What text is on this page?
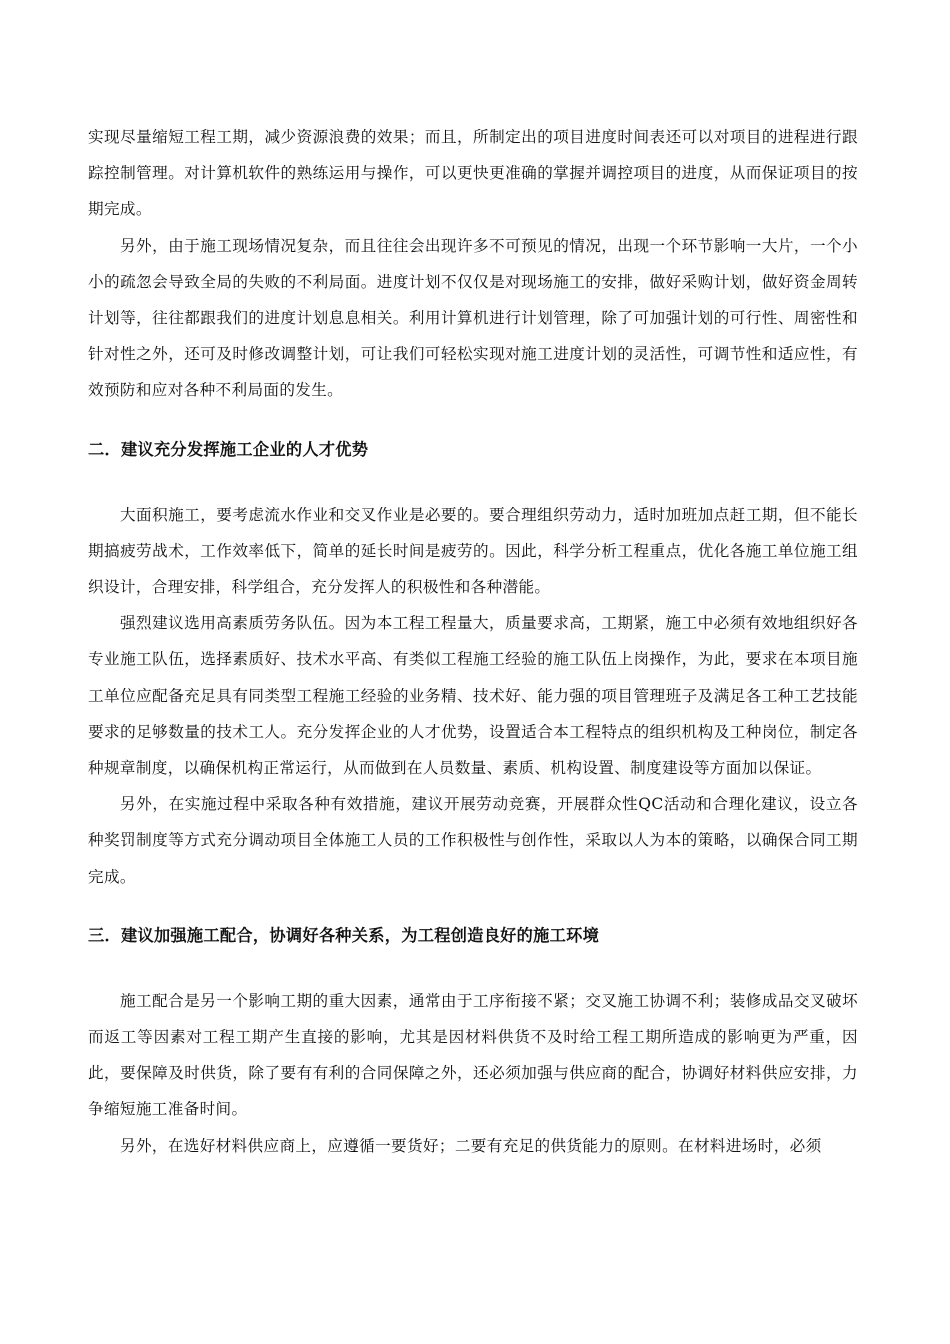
实现尽量缩短工程工期，减少资源浪费的效果；而且，所制定出的项目进度时间表还可以对项目的进程进行跟踪控制管理。对计算机软件的熟练运用与操作，可以更快更准确的掌握并调控项目的进度，从而保证项目的按期完成。

另外，由于施工现场情况复杂，而且往往会出现许多不可预见的情况，出现一个环节影响一大片，一个小小的疏忽会导致全局的失败的不利局面。进度计划不仅仅是对现场施工的安排，做好采购计划，做好资金周转计划等，往往都跟我们的进度计划息息相关。利用计算机进行计划管理，除了可加强计划的可行性、周密性和针对性之外，还可及时修改调整计划，可让我们可轻松实现对施工进度计划的灵活性，可调节性和适应性，有效预防和应对各种不利局面的发生。

二．建议充分发挥施工企业的人才优势

大面积施工，要考虑流水作业和交叉作业是必要的。要合理组织劳动力，适时加班加点赶工期，但不能长期搞疲劳战术，工作效率低下，简单的延长时间是疲劳的。因此，科学分析工程重点，优化各施工单位施工组织设计，合理安排，科学组合，充分发挥人的积极性和各种潜能。

强烈建议选用高素质劳务队伍。因为本工程工程量大，质量要求高，工期紧，施工中必须有效地组织好各专业施工队伍，选择素质好、技术水平高、有类似工程施工经验的施工队伍上岗操作，为此，要求在本项目施工单位应配备充足具有同类型工程施工经验的业务精、技术好、能力强的项目管理班子及满足各工种工艺技能要求的足够数量的技术工人。充分发挥企业的人才优势，设置适合本工程特点的组织机构及工种岗位，制定各种规章制度，以确保机构正常运行，从而做到在人员数量、素质、机构设置、制度建设等方面加以保证。

另外，在实施过程中采取各种有效措施，建议开展劳动竞赛，开展群众性QC活动和合理化建议，设立各种奖罚制度等方式充分调动项目全体施工人员的工作积极性与创作性，采取以人为本的策略，以确保合同工期完成。

三．建议加强施工配合，协调好各种关系，为工程创造良好的施工环境

施工配合是另一个影响工期的重大因素，通常由于工序衔接不紧；交叉施工协调不利；装修成品交叉破坏而返工等因素对工程工期产生直接的影响，尤其是因材料供货不及时给工程工期所造成的影响更为严重，因此，要保障及时供货，除了要有有利的合同保障之外，还必须加强与供应商的配合，协调好材料供应安排，力争缩短施工准备时间。

另外，在选好材料供应商上，应遵循一要货好；二要有充足的供货能力的原则。在材料进场时，必须
